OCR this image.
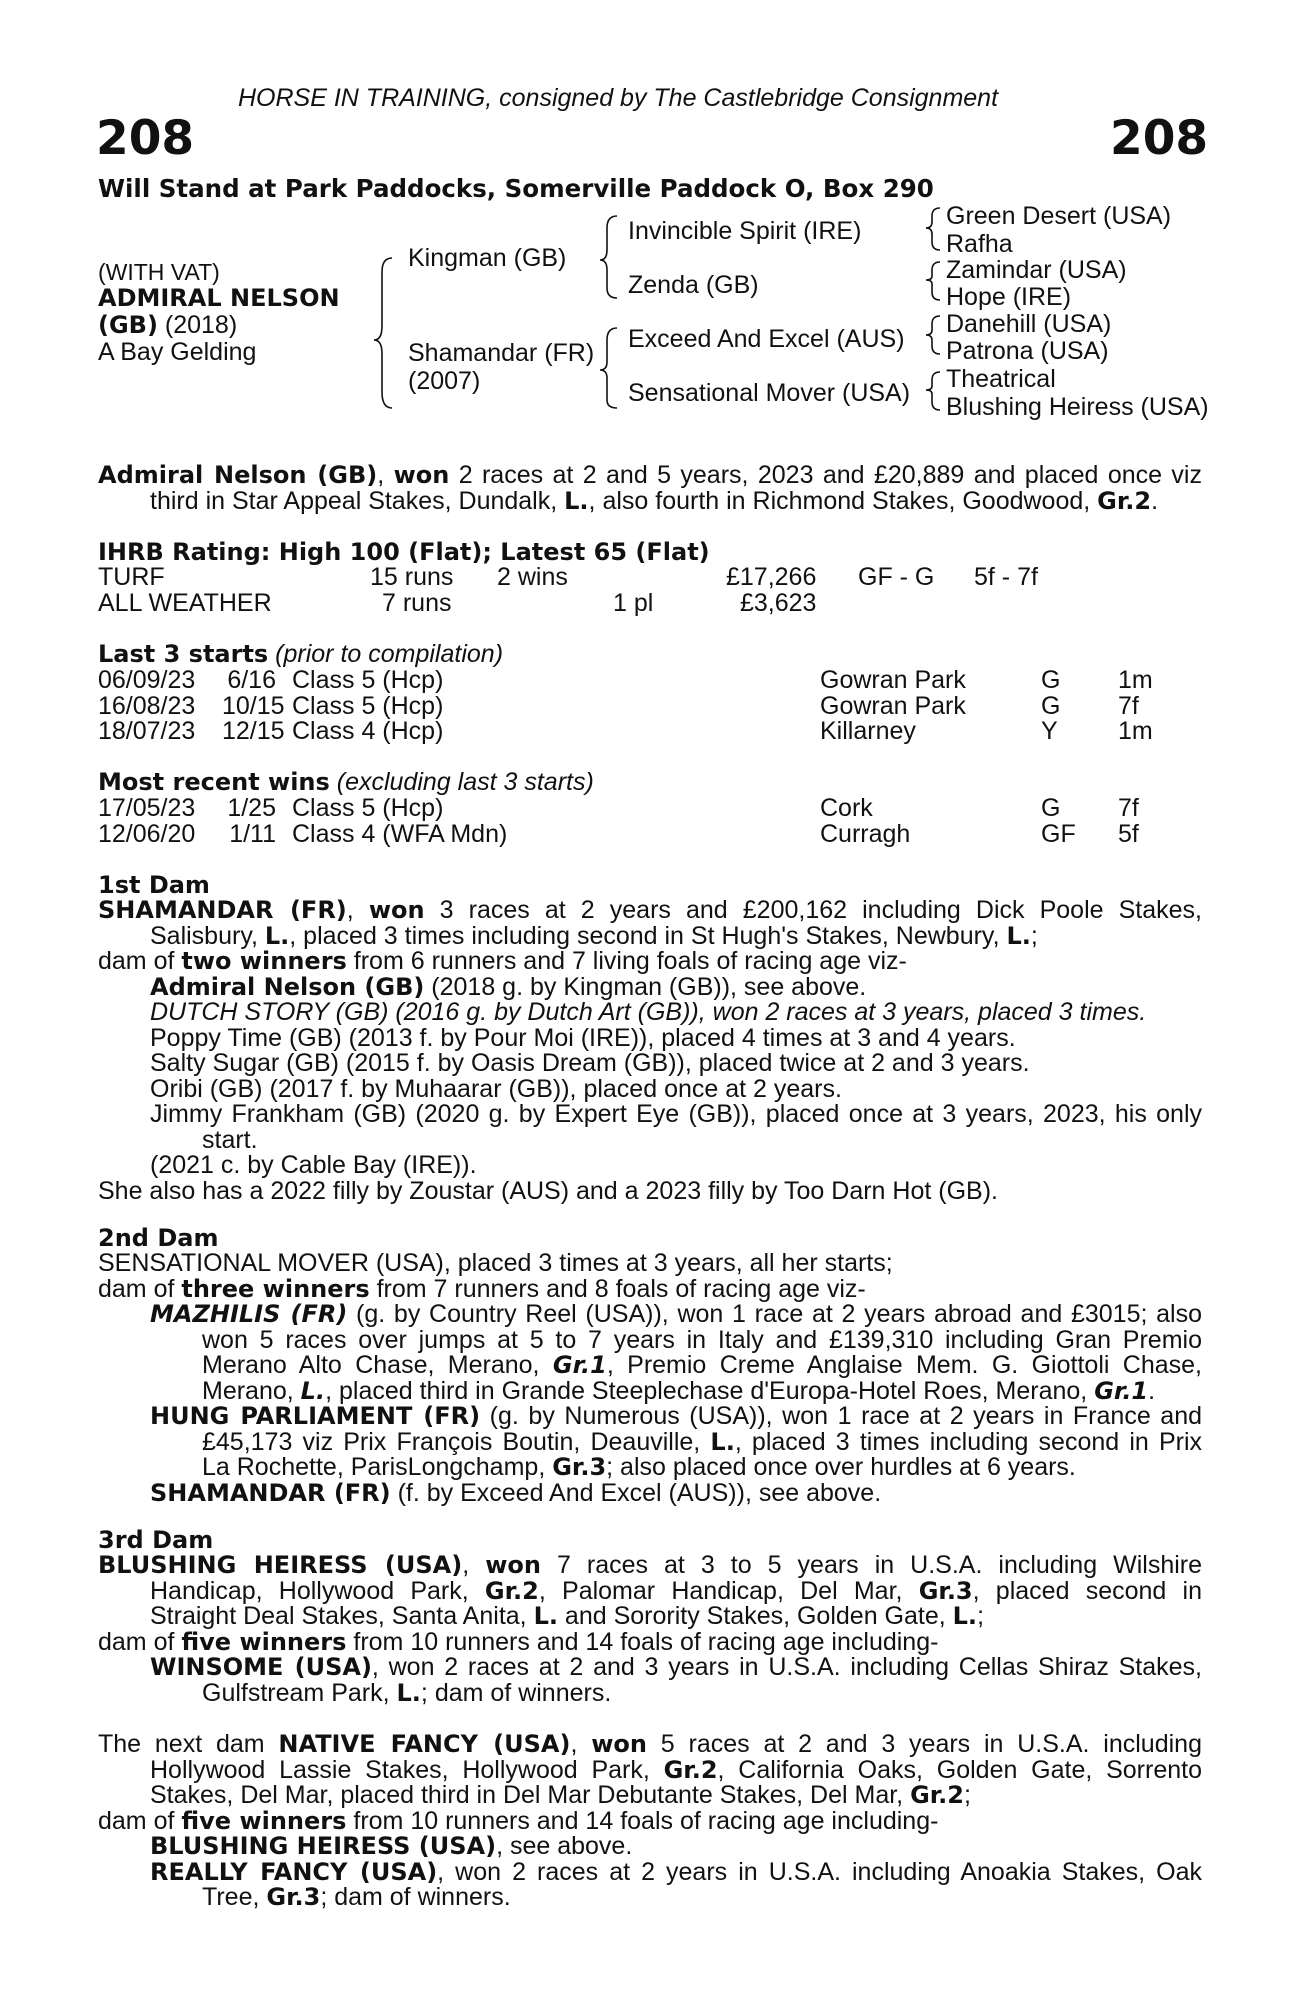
HORSE IN TRAINING, consigned by The Castlebridge Consignment
208	208
Will Stand at Park Paddocks, Somerville Paddock O, Box 290
(WITH VAT)
ADMIRAL NELSON
(GB) (2018)
A Bay Gelding
Kingman (GB)
Shamandar (FR)
(2007)
Invincible Spirit (IRE)
Zenda (GB)
Exceed And Excel (AUS)
Sensational Mover (USA)
Green Desert (USA)
Rafha
Zamindar (USA)
Hope (IRE)
Danehill (USA)
Patrona (USA)
Theatrical
Blushing Heiress (USA)
Admiral Nelson (GB), won 2 races at 2 and 5 years, 2023 and £20,889 and placed once viz
third in Star Appeal Stakes, Dundalk, L., also fourth in Richmond Stakes, Goodwood, Gr.2.
IHRB Rating: High 100 (Flat); Latest 65 (Flat)
TURF	15 runs 2 wins	£17,266 GF - G 5f - 7f
ALL WEATHER	7 runs	1 pl	£3,623
Last 3 starts (prior to compilation)
06/09/23 6/16 Class 5 (Hcp)	Gowran Park	G 1m
16/08/23 10/15 Class 5 (Hcp)	Gowran Park	G 7f
18/07/23 12/15 Class 4 (Hcp)	Killarney	Y 1m
Most recent wins (excluding last 3 starts)
17/05/23 1/25 Class 5 (Hcp)	Cork	G 7f
12/06/20 1/11 Class 4 (WFA Mdn)	Curragh	GF 5f
1st Dam
SHAMANDAR (FR), won 3 races at 2 years and £200,162 including Dick Poole Stakes,
Salisbury, L., placed 3 times including second in St Hugh's Stakes, Newbury, L.;
dam of two winners from 6 runners and 7 living foals of racing age viz-
Admiral Nelson (GB) (2018 g. by Kingman (GB)), see above.
DUTCH STORY (GB) (2016 g. by Dutch Art (GB)), won 2 races at 3 years, placed 3 times.
Poppy Time (GB) (2013 f. by Pour Moi (IRE)), placed 4 times at 3 and 4 years.
Salty Sugar (GB) (2015 f. by Oasis Dream (GB)), placed twice at 2 and 3 years.
Oribi (GB) (2017 f. by Muhaarar (GB)), placed once at 2 years.
Jimmy Frankham (GB) (2020 g. by Expert Eye (GB)), placed once at 3 years, 2023, his only
start.
(2021 c. by Cable Bay (IRE)).
She also has a 2022 filly by Zoustar (AUS) and a 2023 filly by Too Darn Hot (GB).
2nd Dam
SENSATIONAL MOVER (USA), placed 3 times at 3 years, all her starts;
dam of three winners from 7 runners and 8 foals of racing age viz-
MAZHILIS (FR) (g. by Country Reel (USA)), won 1 race at 2 years abroad and £3015; also
won 5 races over jumps at 5 to 7 years in Italy and £139,310 including Gran Premio
Merano Alto Chase, Merano, Gr.1, Premio Creme Anglaise Mem. G. Giottoli Chase,
Merano, L., placed third in Grande Steeplechase d'Europa-Hotel Roes, Merano, Gr.1.
HUNG PARLIAMENT (FR) (g. by Numerous (USA)), won 1 race at 2 years in France and
£45,173 viz Prix François Boutin, Deauville, L., placed 3 times including second in Prix
La Rochette, ParisLongchamp, Gr.3; also placed once over hurdles at 6 years.
SHAMANDAR (FR) (f. by Exceed And Excel (AUS)), see above.
3rd Dam
BLUSHING HEIRESS (USA), won 7 races at 3 to 5 years in U.S.A. including Wilshire
Handicap, Hollywood Park, Gr.2, Palomar Handicap, Del Mar, Gr.3, placed second in
Straight Deal Stakes, Santa Anita, L. and Sorority Stakes, Golden Gate, L.;
dam of five winners from 10 runners and 14 foals of racing age including-
WINSOME (USA), won 2 races at 2 and 3 years in U.S.A. including Cellas Shiraz Stakes,
Gulfstream Park, L.; dam of winners.
The next dam NATIVE FANCY (USA), won 5 races at 2 and 3 years in U.S.A. including
Hollywood Lassie Stakes, Hollywood Park, Gr.2, California Oaks, Golden Gate, Sorrento
Stakes, Del Mar, placed third in Del Mar Debutante Stakes, Del Mar, Gr.2;
dam of five winners from 10 runners and 14 foals of racing age including-
BLUSHING HEIRESS (USA), see above.
REALLY FANCY (USA), won 2 races at 2 years in U.S.A. including Anoakia Stakes, Oak
Tree, Gr.3; dam of winners.
